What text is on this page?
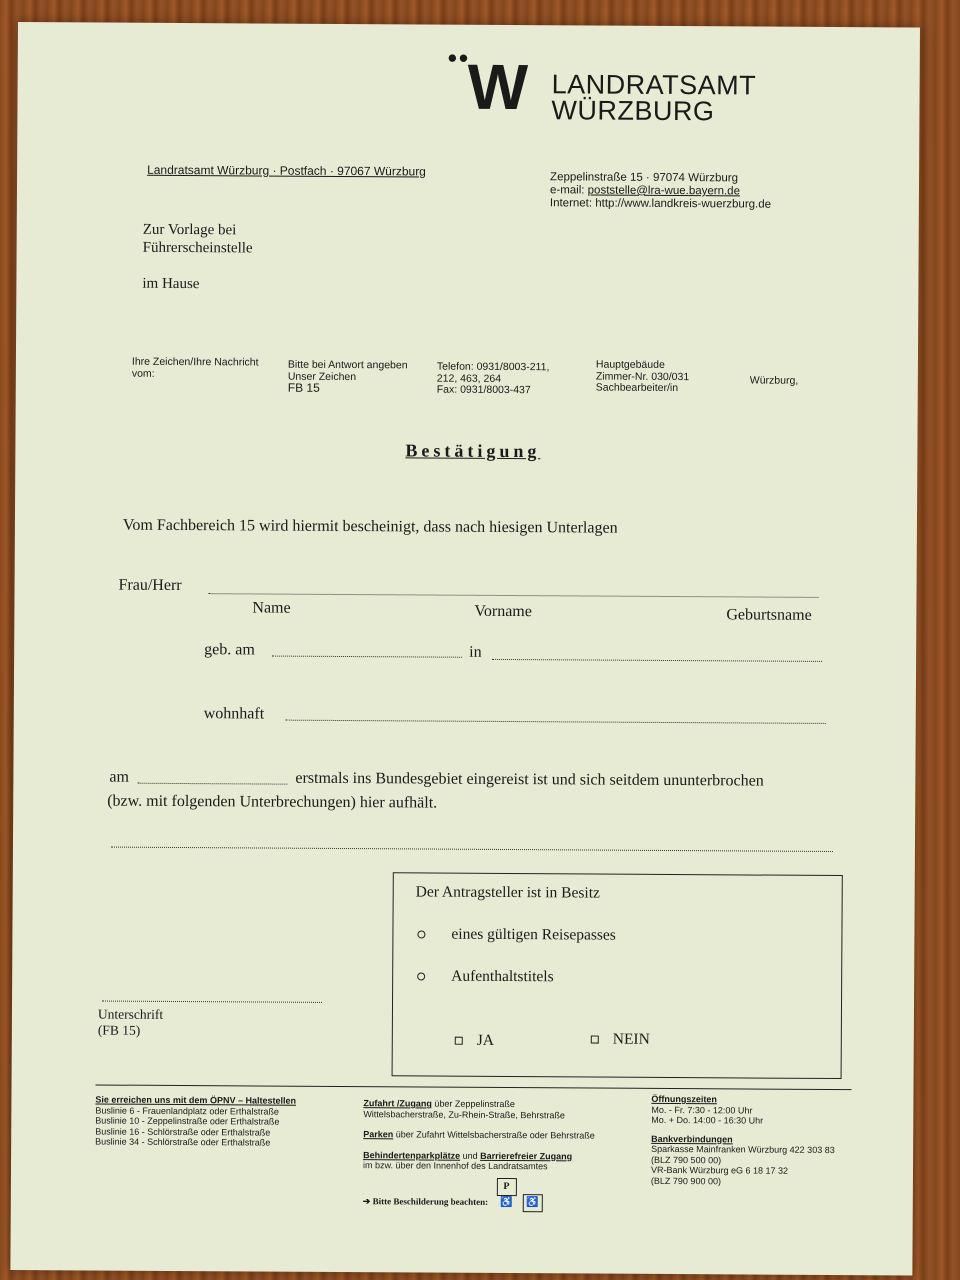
••
W LANDRATSAMT
WÜRZBURG
Landratsamt Würzburg · Postfach · 97067 Würzburg	Zeppelinstraße 15 · 97074 Würzburg
e-mail: poststelle@lra-wue.bayern.de
Internet: http://www.landkreis-wuerzburg.de
Zur Vorlage bei
Führerscheinstelle
im Hause
Ihre Zeichen/Ihre Nachricht
vom:
Bitte bei Antwort angeben
Unser Zeichen
FB 15
Telefon: 0931/8003-211,
212, 463, 264
Fax: 0931/8003-437
Hauptgebäude
Zimmer-Nr. 030/031
Sachbearbeiter/in
Würzburg,
Bestätigung
Vom Fachbereich 15 wird hiermit bescheinigt, dass nach hiesigen Unterlagen
Frau/Herr
Name	Vorname	Geburtsname
geb. am	in
wohnhaft
am	erstmals ins Bundesgebiet eingereist ist und sich seitdem ununterbrochen
(bzw. mit folgenden Unterbrechungen) hier aufhält.
Der Antragsteller ist in Besitz
eines gültigen Reisepasses
Aufenthaltstitels
JA	NEIN
Unterschrift
(FB 15)
Sie erreichen uns mit dem ÖPNV – Haltestellen
Buslinie 6 - Frauenlandplatz oder Erthalstraße
Buslinie 10 - Zeppelinstraße oder Erthalstraße
Buslinie 16 - Schlörstraße oder Erthalstraße
Buslinie 34 - Schlörstraße oder Erthalstraße
Zufahrt /Zugang über Zeppelinstraße
Wittelsbacherstraße, Zu-Rhein-Straße, Behrstraße
Parken über Zufahrt Wittelsbacherstraße oder Behrstraße
Behindertenparkplätze und Barrierefreier Zugang
im bzw. über den Innenhof des Landratsamtes
➔ Bitte Beschilderung beachten: P♿ ♿
Öffnungszeiten
Mo. - Fr. 7:30 - 12:00 Uhr
Mo. + Do. 14:00 - 16:30 Uhr
Bankverbindungen
Sparkasse Mainfranken Würzburg 422 303 83
(BLZ 790 500 00)
VR-Bank Würzburg eG 6 18 17 32
(BLZ 790 900 00)
